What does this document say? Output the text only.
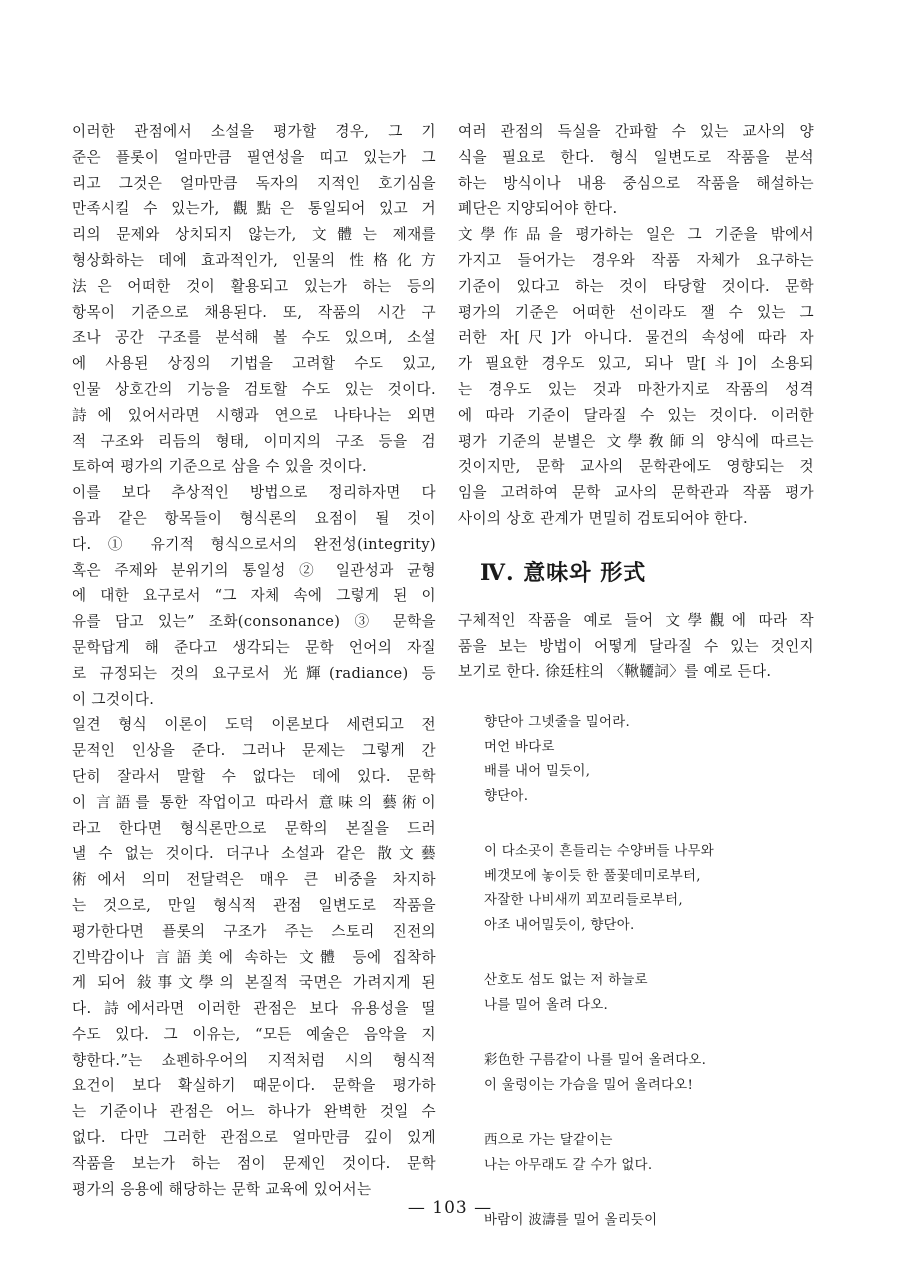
이러한 관점에서 소설을 평가할 경우, 그 기
준은 플롯이 얼마만큼 필연성을 띠고 있는가 그
리고 그것은 얼마만큼 독자의 지적인 호기심을
만족시킬 수 있는가, 觀點은 통일되어 있고 거
리의 문제와 상치되지 않는가, 文體는 제재를
형상화하는 데에 효과적인가, 인물의 性格化方
法은 어떠한 것이 활용되고 있는가 하는 등의
항목이 기준으로 채용된다. 또, 작품의 시간 구
조나 공간 구조를 분석해 볼 수도 있으며, 소설
에 사용된 상징의 기법을 고려할 수도 있고,
인물 상호간의 기능을 검토할 수도 있는 것이다.
詩에 있어서라면 시행과 연으로 나타나는 외면
적 구조와 리듬의 형태, 이미지의 구조 등을 검
토하여 평가의 기준으로 삼을 수 있을 것이다.

이를 보다 추상적인 방법으로 정리하자면 다
음과 같은 항목들이 형식론의 요점이 될 것이
다. ① 유기적 형식으로서의 완전성(integrity)
혹은 주제와 분위기의 통일성 ② 일관성과 균형
에 대한 요구로서 “그 자체 속에 그렇게 된 이
유를 담고 있는” 조화(consonance) ③ 문학을
문학답게 해 준다고 생각되는 문학 언어의 자질
로 규정되는 것의 요구로서 光輝(radiance) 등
이 그것이다.

일견 형식 이론이 도덕 이론보다 세련되고 전
문적인 인상을 준다. 그러나 문제는 그렇게 간
단히 잘라서 말할 수 없다는 데에 있다. 문학
이 言語를 통한 작업이고 따라서 意味의 藝術이
라고 한다면 형식론만으로 문학의 본질을 드러
낼 수 없는 것이다. 더구나 소설과 같은 散文藝
術에서 의미 전달력은 매우 큰 비중을 차지하
는 것으로, 만일 형식적 관점 일변도로 작품을
평가한다면 플롯의 구조가 주는 스토리 진전의
긴박감이나 言語美에 속하는 文體 등에 집착하
게 되어 敍事文學의 본질적 국면은 가려지게 된
다. 詩에서라면 이러한 관점은 보다 유용성을 띨
수도 있다. 그 이유는, “모든 예술은 음악을 지
향한다.”는 쇼펜하우어의 지적처럼 시의 형식적
요건이 보다 확실하기 때문이다. 문학을 평가하
는 기준이나 관점은 어느 하나가 완벽한 것일 수
없다. 다만 그러한 관점으로 얼마만큼 깊이 있게
작품을 보는가 하는 점이 문제인 것이다. 문학
평가의 응용에 해당하는 문학 교육에 있어서는

여러 관점의 득실을 간파할 수 있는 교사의 양
식을 필요로 한다. 형식 일변도로 작품을 분석
하는 방식이나 내용 중심으로 작품을 해설하는
폐단은 지양되어야 한다.

文學作品을 평가하는 일은 그 기준을 밖에서
가지고 들어가는 경우와 작품 자체가 요구하는
기준이 있다고 하는 것이 타당할 것이다. 문학
평가의 기준은 어떠한 선이라도 잴 수 있는 그
러한 자[尺]가 아니다. 물건의 속성에 따라 자
가 필요한 경우도 있고, 되나 말[斗]이 소용되
는 경우도 있는 것과 마찬가지로 작품의 성격
에 따라 기준이 달라질 수 있는 것이다. 이러한
평가 기준의 분별은 文學敎師의 양식에 따르는
것이지만, 문학 교사의 문학관에도 영향되는 것
임을 고려하여 문학 교사의 문학관과 작품 평가
사이의 상호 관계가 면밀히 검토되어야 한다.

Ⅳ. 意味와 形式

구체적인 작품을 예로 들어 文學觀에 따라 작
품을 보는 방법이 어떻게 달라질 수 있는 것인지
보기로 한다. 徐廷柱의 〈鞦韆詞〉를 예로 든다.

향단아 그넷줄을 밀어라.
머언 바다로
배를 내어 밀듯이,
향단아.
이 다소곳이 흔들리는 수양버들 나무와
베갯모에 놓이듯 한 풀꽃데미로부터,
자잘한 나비새끼 꾀꼬리들로부터,
아조 내어밀듯이, 향단아.
산호도 섬도 없는 저 하늘로
나를 밀어 올려 다오.
彩色한 구름같이 나를 밀어 올려다오.
이 울렁이는 가슴을 밀어 올려다오!
西으로 가는 달같이는
나는 아무래도 갈 수가 없다.
바람이 波濤를 밀어 올리듯이
— 103 —
